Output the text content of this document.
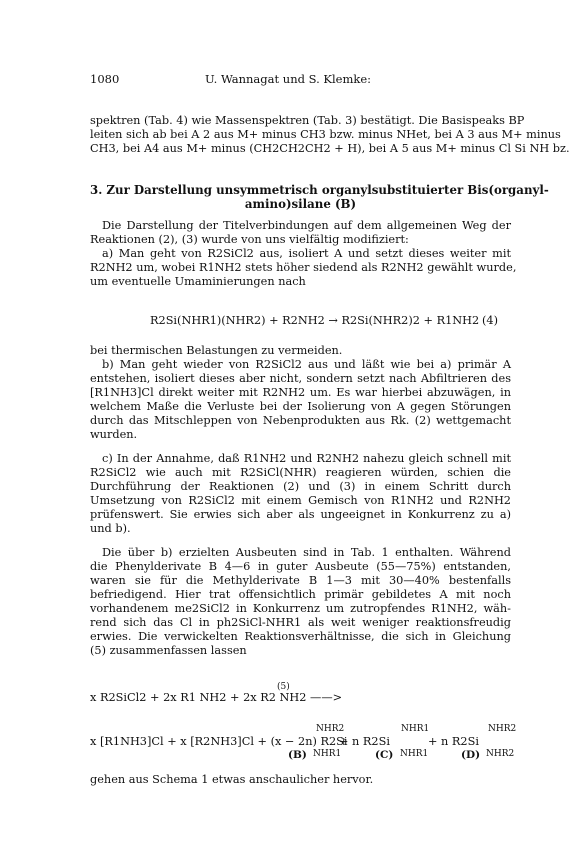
1080	U. Wannagat und S. Klemke:
spektren (Tab. 4) wie Massenspektren (Tab. 3) bestätigt. Die Basispeaks BP
leiten sich ab bei A 2 aus M+ minus CH3 bzw. minus NHet, bei A 3 aus M+ minus
CH3, bei A4 aus M+ minus (CH2CH2CH2 + H), bei A 5 aus M+ minus Cl Si NH bz.
3. Zur Darstellung unsymmetrisch organylsubstituierter Bis(organyl-
amino)silane (B)
Die Darstellung der Titelverbindungen auf dem allgemeinen Weg der
Reaktionen (2), (3) wurde von uns vielfältig modifiziert:
a) Man geht von R2SiCl2 aus, isoliert A und setzt dieses weiter mit
R2NH2 um, wobei R1NH2 stets höher siedend als R2NH2 gewählt wurde,
um eventuelle Umaminierungen nach
R2Si(NHR1)(NHR2) + R2NH2 → R2Si(NHR2)2 + R1NH2 (4)
bei thermischen Belastungen zu vermeiden.
b) Man geht wieder von R2SiCl2 aus und läßt wie bei a) primär A
entstehen, isoliert dieses aber nicht, sondern setzt nach Abfiltrieren des
[R1NH3]Cl direkt weiter mit R2NH2 um. Es war hierbei abzuwägen, in
welchem Maße die Verluste bei der Isolierung von A gegen Störungen
durch das Mitschleppen von Nebenprodukten aus Rk. (2) wettgemacht
wurden.
c) In der Annahme, daß R1NH2 und R2NH2 nahezu gleich schnell mit
R2SiCl2 wie auch mit R2SiCl(NHR) reagieren würden, schien die
Durchführung der Reaktionen (2) und (3) in einem Schritt durch
Umsetzung von R2SiCl2 mit einem Gemisch von R1NH2 und R2NH2
prüfenswert. Sie erwies sich aber als ungeeignet in Konkurrenz zu a)
und b).
Die über b) erzielten Ausbeuten sind in Tab. 1 enthalten. Während
die Phenylderivate B 4—6 in guter Ausbeute (55—75%) entstanden,
waren sie für die Methylderivate B 1—3 mit 30—40% bestenfalls
befriedigend. Hier trat offensichtlich primär gebildetes A mit noch
vorhandenem me2SiCl2 in Konkurrenz um zutropfendes R1NH2, wäh-
rend sich das Cl in ph2SiCl-NHR1 als weit weniger reaktionsfreudig
erwies. Die verwickelten Reaktionsverhältnisse, die sich in Gleichung
(5) zusammenfassen lassen
(5)
x R2SiCl2 + 2x R1 NH2 + 2x R2 NH2 ——>
NHR2	NHR1	NHR2
x [R1NH3]Cl + x [R2NH3]Cl + (x − 2n) R2Si
+ n R2Si	+ n R2Si
(B) NHR1	(C) NHR1	(D) NHR2
gehen aus Schema 1 etwas anschaulicher hervor.
